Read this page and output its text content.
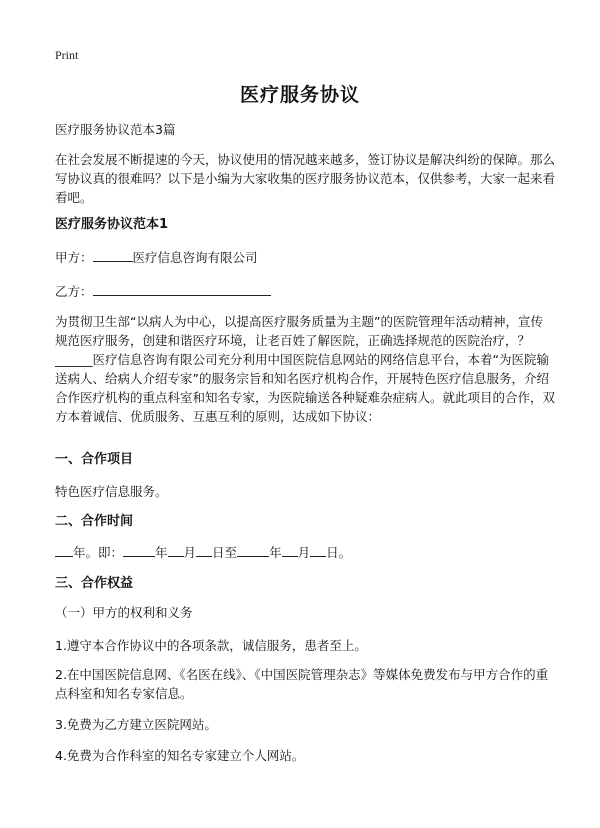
Print
医疗服务协议

医疗服务协议范本3篇

在社会发展不断提速的今天，协议使用的情况越来越多，签订协议是解决纠纷的保障。那么写协议真的很难吗？以下是小编为大家收集的医疗服务协议范本，仅供参考，大家一起来看看吧。

医疗服务协议范本1

甲方：	医疗信息咨询有限公司

乙方：

为贯彻卫生部“以病人为中心，以提高医疗服务质量为主题”的医院管理年活动精神，宣传规范医疗服务，创建和谐医疗环境，让老百姓了解医院，正确选择规范的医院治疗，？______医疗信息咨询有限公司充分利用中国医院信息网站的网络信息平台，本着“为医院输送病人、给病人介绍专家”的服务宗旨和知名医疗机构合作，开展特色医疗信息服务，介绍合作医疗机构的重点科室和知名专家，为医院输送各种疑难杂症病人。就此项目的合作，双方本着诚信、优质服务、互惠互利的原则，达成如下协议：

一、合作项目

特色医疗信息服务。

二、合作时间

年。即：	年 月 日至	年 月 日。

三、合作权益

（一）甲方的权利和义务

1.遵守本合作协议中的各项条款，诚信服务，患者至上。

2.在中国医院信息网、《名医在线》、《中国医院管理杂志》等媒体免费发布与甲方合作的重点科室和知名专家信息。

3.免费为乙方建立医院网站。

4.免费为合作科室的知名专家建立个人网站。
